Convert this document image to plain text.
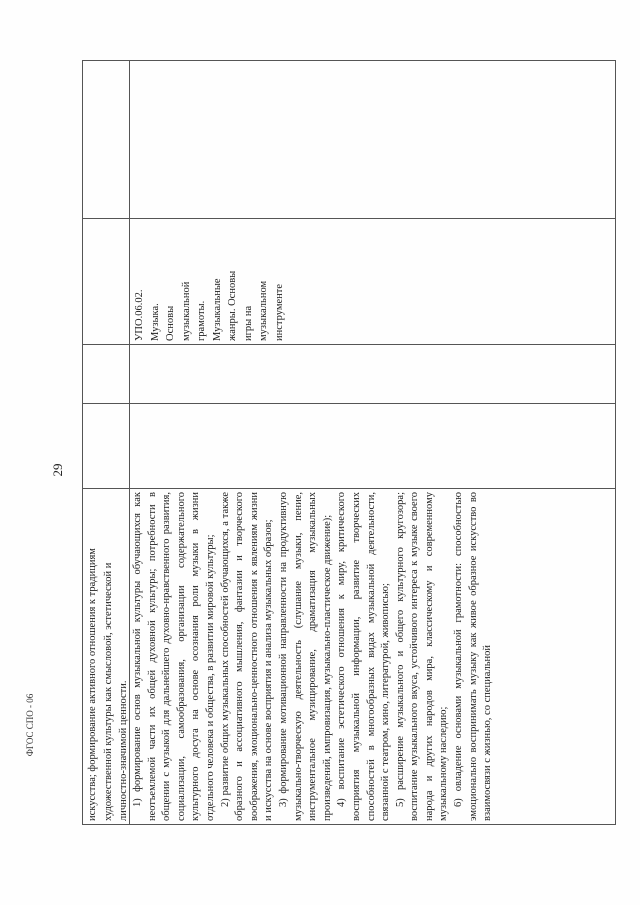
29
ФГОС СПО - 06	искусства; формирование активного отношения к традициям художественной культуры как смысловой, эстетической и личностно-значимой ценности. 1) формирование основ музыкальной культуры обучающихся как неотъемлемой части их общей духовной культуры; потребности в общении с музыкой для дальнейшего духовно-нравственного развития, социализации, самообразования, организации содержательного культурного досуга на основе осознания роли музыки в жизни отдельного человека и общества, в развитии мировой культуры; 2) развитие общих музыкальных способностей обучающихся, а также образного и ассоциативного мышления, фантазии и творческого воображения, эмоционально-ценностного отношения к явлениям жизни и искусства на основе восприятия и анализа музыкальных образов; 3) формирование мотивационной направленности на продуктивную музыкально-творческую деятельность (слушание музыки, пение, инструментальное музицирование, драматизация музыкальных произведений, импровизация, музыкально-пластическое движение); 4) воспитание эстетического отношения к миру, критического восприятия музыкальной информации, развитие творческих способностей в многообразных видах музыкальной деятельности, связанной с театром, кино, литературой, живописью; 5) расширение музыкального и общего культурного кругозора; воспитание музыкального вкуса, устойчивого интереса к музыке своего народа и других народов мира, классическому и современному музыкальному наследию; 6) овладение основами музыкальной грамотности: способностью эмоционально воспринимать музыку как живое образное искусство во взаимосвязи с жизнью, со специальной

УПО.06.02. Музыка. Основы музыкальной грамоты. Музыкальные жанры. Основы игры на музыкальном инструменте
